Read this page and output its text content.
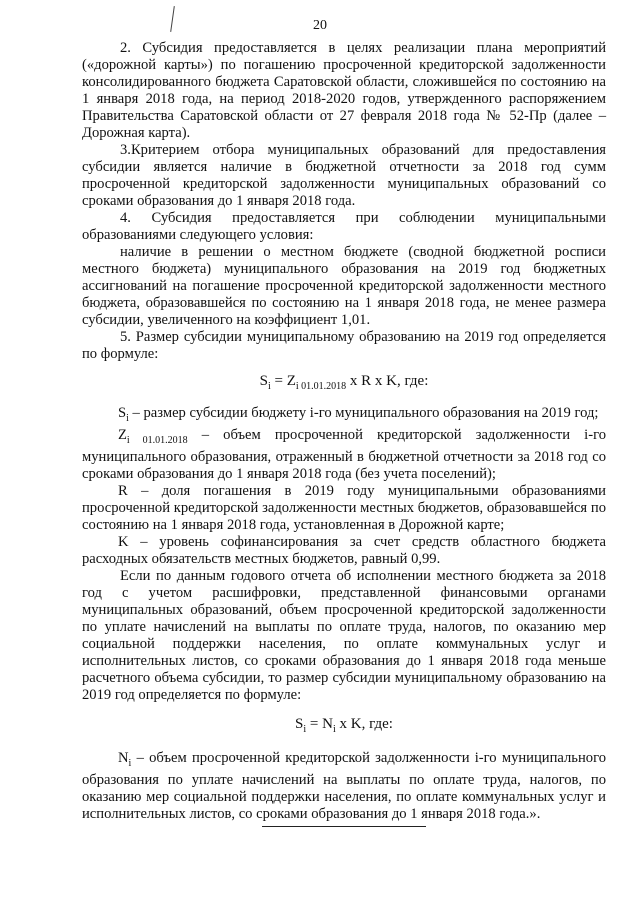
20

2. Субсидия предоставляется в целях реализации плана мероприятий («дорожной карты») по погашению просроченной кредиторской задолженности консолидированного бюджета Саратовской области, сложившейся по состоянию на 1 января 2018 года, на период 2018-2020 годов, утвержденного распоряжением Правительства Саратовской области от 27 февраля 2018 года № 52-Пр (далее – Дорожная карта).

3.Критерием отбора муниципальных образований для предоставления субсидии является наличие в бюджетной отчетности за 2018 год сумм просроченной кредиторской задолженности муниципальных образований со сроками образования до 1 января 2018 года.

4. Субсидия предоставляется при соблюдении муниципальными образованиями следующего условия:

наличие в решении о местном бюджете (сводной бюджетной росписи местного бюджета) муниципального образования на 2019 год бюджетных ассигнований на погашение просроченной кредиторской задолженности местного бюджета, образовавшейся по состоянию на 1 января 2018 года, не менее размера субсидии, увеличенного на коэффициент 1,01.

5. Размер субсидии муниципальному образованию на 2019 год определяется по формуле:

$S_i = Z_{i 01.01.2018}$ x R x K, где:

$S_i$ – размер субсидии бюджету i-го муниципального образования на 2019 год;

$Z_{i 01.01.2018}$ – объем просроченной кредиторской задолженности i-го муниципального образования, отраженный в бюджетной отчетности за 2018 год со сроками образования до 1 января 2018 года (без учета поселений);

R – доля погашения в 2019 году муниципальными образованиями просроченной кредиторской задолженности местных бюджетов, образовавшейся по состоянию на 1 января 2018 года, установленная в Дорожной карте;

K – уровень софинансирования за счет средств областного бюджета расходных обязательств местных бюджетов, равный 0,99.

Если по данным годового отчета об исполнении местного бюджета за 2018 год с учетом расшифровки, представленной финансовыми органами муниципальных образований, объем просроченной кредиторской задолженности по уплате начислений на выплаты по оплате труда, налогов, по оказанию мер социальной поддержки населения, по оплате коммунальных услуг и исполнительных листов, со сроками образования до 1 января 2018 года меньше расчетного объема субсидии, то размер субсидии муниципальному образованию на 2019 год определяется по формуле:

$S_i = N_i$ x K, где:

$N_i$ – объем просроченной кредиторской задолженности i-го муниципального образования по уплате начислений на выплаты по оплате труда, налогов, по оказанию мер социальной поддержки населения, по оплате коммунальных услуг и исполнительных листов, со сроками образования до 1 января 2018 года.».
